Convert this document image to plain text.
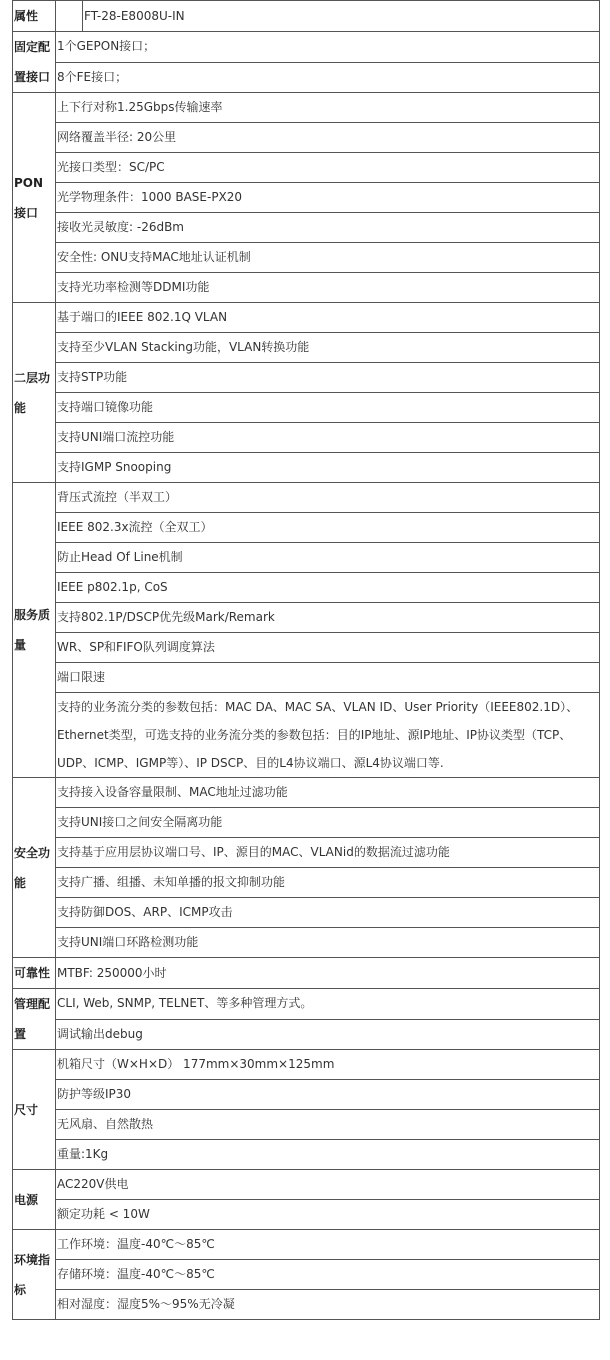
属性		FT-28-E8008U-IN
固定配置接口	1个GEPON接口；	
	8个FE接口；	
PON接口	上下行对称1.25Gbps传输速率	
	网络覆盖半径: 20公里	
	光接口类型：SC/PC	
	光学物理条件：1000 BASE-PX20	
	接收光灵敏度: -26dBm	
	安全性: ONU支持MAC地址认证机制	
	支持光功率检测等DDMI功能	
二层功能	基于端口的IEEE 802.1Q VLAN	
	支持至少VLAN Stacking功能，VLAN转换功能	
	支持STP功能	
	支持端口镜像功能	
	支持UNI端口流控功能	
	支持IGMP Snooping	
服务质量	背压式流控（半双工）	
	IEEE 802.3x流控（全双工）	
	防止Head Of Line机制	
	IEEE p802.1p, CoS	
	支持802.1P/DSCP优先级Mark/Remark	
	WR、SP和FIFO队列调度算法	
	端口限速	

	支持的业务流分类的参数包括：MAC DA、MAC SA、VLAN ID、User Priority（IEEE802.1D）、Ethernet类型，可选支持的业务流分类的参数包括：目的IP地址、源IP地址、IP协议类型（TCP、UDP、ICMP、IGMP等）、IP DSCP、目的L4协议端口、源L4协议端口等.	

安全功能	支持接入设备容量限制、MAC地址过滤功能	
	支持UNI接口之间安全隔离功能	
	支持基于应用层协议端口号、IP、源目的MAC、VLANid的数据流过滤功能	
	支持广播、组播、未知单播的报文抑制功能	
	支持防御DOS、ARP、ICMP攻击	
	支持UNI端口环路检测功能	
可靠性	MTBF: 250000小时	
管理配置	CLI, Web, SNMP, TELNET、等多种管理方式。	
	调试输出debug	
尺寸	机箱尺寸（W×H×D） 177mm×30mm×125mm	
	防护等级IP30	
	无风扇、自然散热	
	重量:1Kg	
电源	AC220V供电	
	额定功耗 < 10W	
环境指标	工作环境：温度-40℃～85℃	
	存储环境：温度-40℃～85℃	
	相对湿度：湿度5%～95%无冷凝	
